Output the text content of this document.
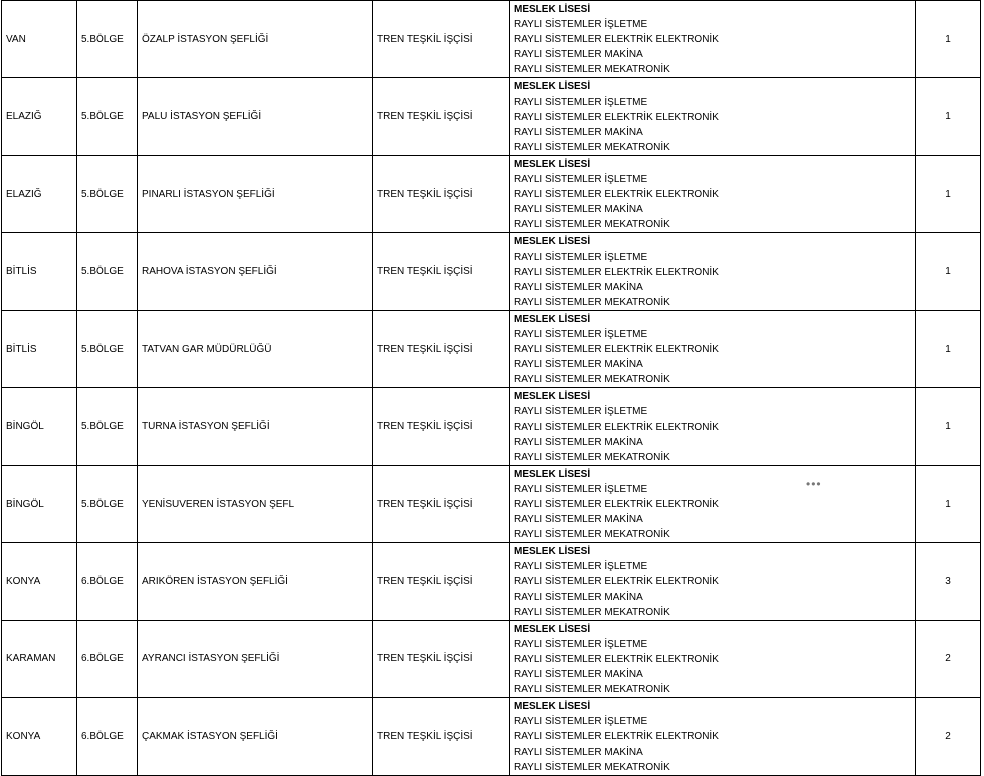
VAN	5.BÖLGE	ÖZALP İSTASYON ŞEFLİĞİ	TREN TEŞKİL İŞÇİSİ	MESLEK LİSESİ
RAYLI SİSTEMLER İŞLETME
RAYLI SİSTEMLER ELEKTRİK ELEKTRONİK
RAYLI SİSTEMLER MAKİNA
RAYLI SİSTEMLER MEKATRONİK	1
ELAZIĞ	5.BÖLGE	PALU İSTASYON ŞEFLİĞİ	TREN TEŞKİL İŞÇİSİ	MESLEK LİSESİ
RAYLI SİSTEMLER İŞLETME
RAYLI SİSTEMLER ELEKTRİK ELEKTRONİK
RAYLI SİSTEMLER MAKİNA
RAYLI SİSTEMLER MEKATRONİK	1
ELAZIĞ	5.BÖLGE	PINARLI İSTASYON ŞEFLİĞİ	TREN TEŞKİL İŞÇİSİ	MESLEK LİSESİ
RAYLI SİSTEMLER İŞLETME
RAYLI SİSTEMLER ELEKTRİK ELEKTRONİK
RAYLI SİSTEMLER MAKİNA
RAYLI SİSTEMLER MEKATRONİK	1
BİTLİS	5.BÖLGE	RAHOVA İSTASYON ŞEFLİĞİ	TREN TEŞKİL İŞÇİSİ	MESLEK LİSESİ
RAYLI SİSTEMLER İŞLETME
RAYLI SİSTEMLER ELEKTRİK ELEKTRONİK
RAYLI SİSTEMLER MAKİNA
RAYLI SİSTEMLER MEKATRONİK	1
BİTLİS	5.BÖLGE	TATVAN GAR MÜDÜRLÜĞÜ	TREN TEŞKİL İŞÇİSİ	MESLEK LİSESİ
RAYLI SİSTEMLER İŞLETME
RAYLI SİSTEMLER ELEKTRİK ELEKTRONİK
RAYLI SİSTEMLER MAKİNA
RAYLI SİSTEMLER MEKATRONİK	1
BİNGÖL	5.BÖLGE	TURNA İSTASYON ŞEFLİĞİ	TREN TEŞKİL İŞÇİSİ	MESLEK LİSESİ
RAYLI SİSTEMLER İŞLETME
RAYLI SİSTEMLER ELEKTRİK ELEKTRONİK
RAYLI SİSTEMLER MAKİNA
RAYLI SİSTEMLER MEKATRONİK	1
BİNGÖL	5.BÖLGE	YENİSUVEREN İSTASYON ŞEFL	TREN TEŞKİL İŞÇİSİ	MESLEK LİSESİ
RAYLI SİSTEMLER İŞLETME
RAYLI SİSTEMLER ELEKTRİK ELEKTRONİK
RAYLI SİSTEMLER MAKİNA
RAYLI SİSTEMLER MEKATRONİK	1
KONYA	6.BÖLGE	ARIKÖREN İSTASYON ŞEFLİĞİ	TREN TEŞKİL İŞÇİSİ	MESLEK LİSESİ
RAYLI SİSTEMLER İŞLETME
RAYLI SİSTEMLER ELEKTRİK ELEKTRONİK
RAYLI SİSTEMLER MAKİNA
RAYLI SİSTEMLER MEKATRONİK	3
KARAMAN	6.BÖLGE	AYRANCI İSTASYON ŞEFLİĞİ	TREN TEŞKİL İŞÇİSİ	MESLEK LİSESİ
RAYLI SİSTEMLER İŞLETME
RAYLI SİSTEMLER ELEKTRİK ELEKTRONİK
RAYLI SİSTEMLER MAKİNA
RAYLI SİSTEMLER MEKATRONİK	2
KONYA	6.BÖLGE	ÇAKMAK İSTASYON ŞEFLİĞİ	TREN TEŞKİL İŞÇİSİ	MESLEK LİSESİ
RAYLI SİSTEMLER İŞLETME
RAYLI SİSTEMLER ELEKTRİK ELEKTRONİK
RAYLI SİSTEMLER MAKİNA
RAYLI SİSTEMLER MEKATRONİK	2
•••
